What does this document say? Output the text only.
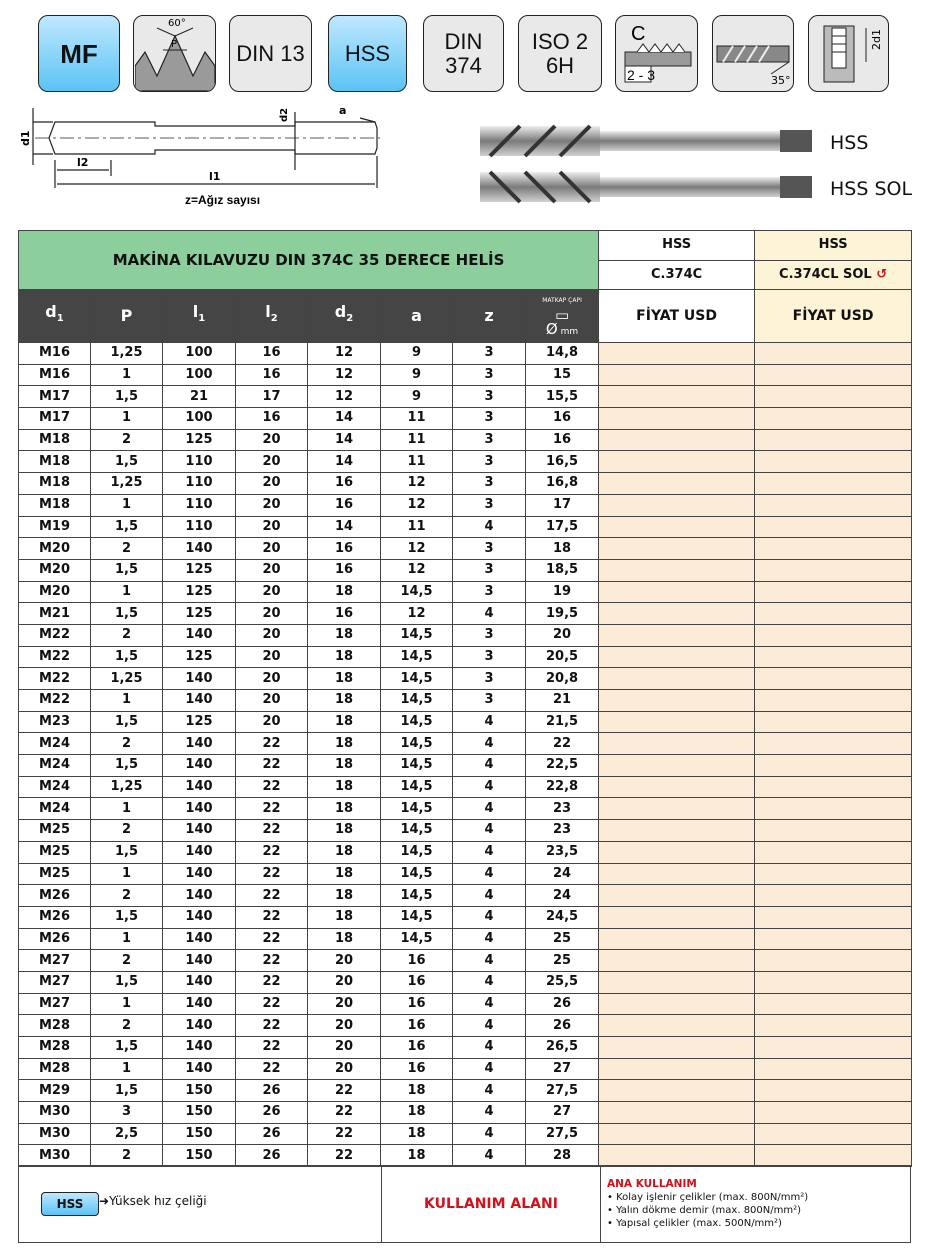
MF
60°
P	DIN 13 HSS DIN
374
ISO 2
6H
C
2 - 3	35°
2d1
d1
d2	a
l2
l1
z=Ağız sayısı
HSS
HSS SOL
MAKİNA KILAVUZU DIN 374C 35 DERECE HELİS								HSS	HSS
								C.374C	C.374CL SOL ↺
$d_1$	P	$l_1$	$l_2$	$d_2$	a	z	MATKAP ÇAPI
▭
Ø mm	FİYAT USD	FİYAT USD
M16	1,25	100	16	12	9	3	14,8		
M16	1	100	16	12	9	3	15		
M17	1,5	21	17	12	9	3	15,5		
M17	1	100	16	14	11	3	16		
M18	2	125	20	14	11	3	16		
M18	1,5	110	20	14	11	3	16,5		
M18	1,25	110	20	16	12	3	16,8		
M18	1	110	20	16	12	3	17		
M19	1,5	110	20	14	11	4	17,5		
M20	2	140	20	16	12	3	18		
M20	1,5	125	20	16	12	3	18,5		
M20	1	125	20	18	14,5	3	19		
M21	1,5	125	20	16	12	4	19,5		
M22	2	140	20	18	14,5	3	20		
M22	1,5	125	20	18	14,5	3	20,5		
M22	1,25	140	20	18	14,5	3	20,8		
M22	1	140	20	18	14,5	3	21		
M23	1,5	125	20	18	14,5	4	21,5		
M24	2	140	22	18	14,5	4	22		
M24	1,5	140	22	18	14,5	4	22,5		
M24	1,25	140	22	18	14,5	4	22,8		
M24	1	140	22	18	14,5	4	23		
M25	2	140	22	18	14,5	4	23		
M25	1,5	140	22	18	14,5	4	23,5		
M25	1	140	22	18	14,5	4	24		
M26	2	140	22	18	14,5	4	24		
M26	1,5	140	22	18	14,5	4	24,5		
M26	1	140	22	18	14,5	4	25		
M27	2	140	22	20	16	4	25		
M27	1,5	140	22	20	16	4	25,5		
M27	1	140	22	20	16	4	26		
M28	2	140	22	20	16	4	26		
M28	1,5	140	22	20	16	4	26,5		
M28	1	140	22	20	16	4	27		
M29	1,5	150	26	22	18	4	27,5		
M30	3	150	26	22	18	4	27		
M30	2,5	150	26	22	18	4	27,5		
M30	2	150	26	22	18	4	28		
HSS	➜Yüksek hız çeliği	KULLANIM ALANI
ANA KULLANIM
• Kolay işlenir çelikler (max. 800N/mm²)
• Yalın dökme demir (max. 800N/mm²)
• Yapısal çelikler (max. 500N/mm²)
